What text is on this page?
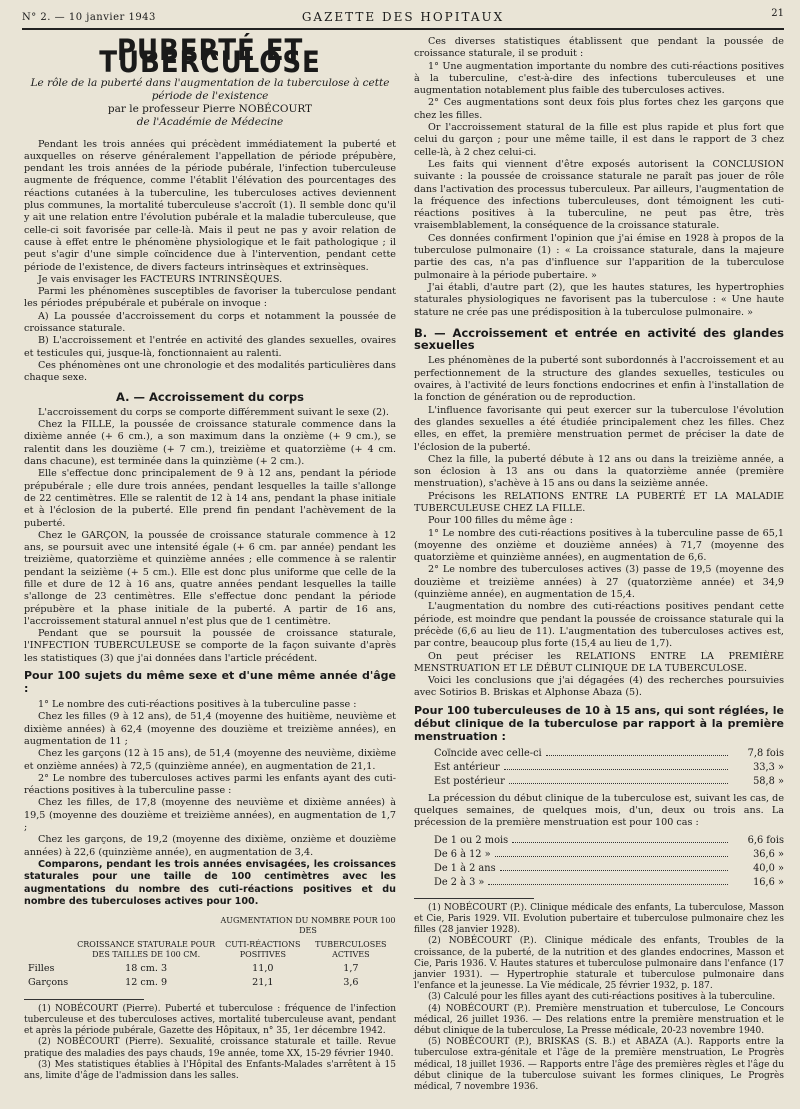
N° 2. — 10 janvier 1943	GAZETTE DES HOPITAUX	21
PUBERTÉ ET TUBERCULOSE

Le rôle de la puberté dans l'augmentation de la tuberculose à cette période de l'existence

par le professeur Pierre NOBÉCOURT

de l'Académie de Médecine

Pendant les trois années qui précèdent immédiatement la puberté et auxquelles on réserve généralement l'appellation de période prépubère, pendant les trois années de la période pubérale, l'infection tuberculeuse augmente de fréquence, comme l'établit l'élévation des pourcentages des réactions cutanées à la tuberculine, les tuberculoses actives deviennent plus communes, la mortalité tuberculeuse s'accroît (1). Il semble donc qu'il y ait une relation entre l'évolution pubérale et la maladie tuberculeuse, que celle-ci soit favorisée par celle-là. Mais il peut ne pas y avoir relation de cause à effet entre le phénomène physiologique et le fait pathologique ; il peut s'agir d'une simple coïncidence due à l'intervention, pendant cette période de l'existence, de divers facteurs intrinsèques et extrinsèques.

Je vais envisager les FACTEURS INTRINSÈQUES.

Parmi les phénomènes susceptibles de favoriser la tuberculose pendant les périodes prépubérale et pubérale on invoque :

A) La poussée d'accroissement du corps et notamment la poussée de croissance staturale.

B) L'accroissement et l'entrée en activité des glandes sexuelles, ovaires et testicules qui, jusque-là, fonctionnaient au ralenti.

Ces phénomènes ont une chronologie et des modalités particulières dans chaque sexe.

A. — Accroissement du corps

L'accroissement du corps se comporte différemment suivant le sexe (2).

Chez la FILLE, la poussée de croissance staturale commence dans la dixième année (+ 6 cm.), a son maximum dans la onzième (+ 9 cm.), se ralentit dans les douzième (+ 7 cm.), treizième et quatorzième (+ 4 cm. dans chacune), est terminée dans la quinzième (+ 2 cm.).

Elle s'effectue donc principalement de 9 à 12 ans, pendant la période prépubérale ; elle dure trois années, pendant lesquelles la taille s'allonge de 22 centimètres. Elle se ralentit de 12 à 14 ans, pendant la phase initiale et à l'éclosion de la puberté. Elle prend fin pendant l'achèvement de la puberté.

Chez le GARÇON, la poussée de croissance staturale commence à 12 ans, se poursuit avec une intensité égale (+ 6 cm. par année) pendant les treizième, quatorzième et quinzième années ; elle commence à se ralentir pendant la seizième (+ 5 cm.). Elle est donc plus uniforme que celle de la fille et dure de 12 à 16 ans, quatre années pendant lesquelles la taille s'allonge de 23 centimètres. Elle s'effectue donc pendant la période prépubère et la phase initiale de la puberté. A partir de 16 ans, l'accroissement statural annuel n'est plus que de 1 centimètre.

Pendant que se poursuit la poussée de croissance staturale, l'INFECTION TUBERCULEUSE se comporte de la façon suivante d'après les statistiques (3) que j'ai données dans l'article précédent.

Pour 100 sujets du même sexe et d'une même année d'âge :

1° Le nombre des cuti-réactions positives à la tuberculine passe :

Chez les filles (9 à 12 ans), de 51,4 (moyenne des huitième, neuvième et dixième années) à 62,4 (moyenne des douzième et treizième années), en augmentation de 11 ;

Chez les garçons (12 à 15 ans), de 51,4 (moyenne des neuvième, dixième et onzième années) à 72,5 (quinzième année), en augmentation de 21,1.

2° Le nombre des tuberculoses actives parmi les enfants ayant des cuti-réactions positives à la tuberculine passe :

Chez les filles, de 17,8 (moyenne des neuvième et dixième années) à 19,5 (moyenne des douzième et treizième années), en augmentation de 1,7 ;

Chez les garçons, de 19,2 (moyenne des dixième, onzième et douzième années) à 22,6 (quinzième année), en augmentation de 3,4.

Comparons, pendant les trois années envisagées, les croissances staturales pour une taille de 100 centimètres avec les augmentations du nombre des cuti-réactions positives et du nombre des tuberculoses actives pour 100.

		AUGMENTATION DU NOMBRE POUR 100 DES	
	CROISSANCE STATURALE POUR DES TAILLES DE 100 CM.	CUTI-RÉACTIONS POSITIVES	TUBERCULOSES ACTIVES
Filles	18 cm. 3	11,0	1,7
Garçons	12 cm. 9	21,1	3,6

(1) NOBÉCOURT (Pierre). Puberté et tuberculose : fréquence de l'infection tuberculeuse et des tuberculoses actives, mortalité tuberculeuse avant, pendant et après la période pubérale, Gazette des Hôpitaux, n° 35, 1er décembre 1942.

(2) NOBÉCOURT (Pierre). Sexualité, croissance staturale et taille. Revue pratique des maladies des pays chauds, 19e année, tome XX, 15-29 février 1940.

(3) Mes statistiques établies à l'Hôpital des Enfants-Malades s'arrêtent à 15 ans, limite d'âge de l'admission dans les salles.

Ces diverses statistiques établissent que pendant la poussée de croissance staturale, il se produit :

1° Une augmentation importante du nombre des cuti-réactions positives à la tuberculine, c'est-à-dire des infections tuberculeuses et une augmentation notablement plus faible des tuberculoses actives.

2° Ces augmentations sont deux fois plus fortes chez les garçons que chez les filles.

Or l'accroissement statural de la fille est plus rapide et plus fort que celui du garçon ; pour une même taille, il est dans le rapport de 3 chez celle-là, à 2 chez celui-ci.

Les faits qui viennent d'être exposés autorisent la CONCLUSION suivante : la poussée de croissance staturale ne paraît pas jouer de rôle dans l'activation des processus tuberculeux. Par ailleurs, l'augmentation de la fréquence des infections tuberculeuses, dont témoignent les cuti-réactions positives à la tuberculine, ne peut pas être, très vraisemblablement, la conséquence de la croissance staturale.

Ces données confirment l'opinion que j'ai émise en 1928 à propos de la tuberculose pulmonaire (1) : « La croissance staturale, dans la majeure partie des cas, n'a pas d'influence sur l'apparition de la tuberculose pulmonaire à la période pubertaire. »

J'ai établi, d'autre part (2), que les hautes statures, les hypertrophies staturales physiologiques ne favorisent pas la tuberculose : « Une haute stature ne crée pas une prédisposition à la tuberculose pulmonaire. »

B. — Accroissement et entrée en activité des glandes sexuelles

Les phénomènes de la puberté sont subordonnés à l'accroissement et au perfectionnement de la structure des glandes sexuelles, testicules ou ovaires, à l'activité de leurs fonctions endocrines et enfin à l'installation de la fonction de génération ou de reproduction.

L'influence favorisante qui peut exercer sur la tuberculose l'évolution des glandes sexuelles a été étudiée principalement chez les filles. Chez elles, en effet, la première menstruation permet de préciser la date de l'éclosion de la puberté.

Chez la fille, la puberté débute à 12 ans ou dans la treizième année, a son éclosion à 13 ans ou dans la quatorzième année (première menstruation), s'achève à 15 ans ou dans la seizième année.

Précisons les RELATIONS ENTRE LA PUBERTÉ ET LA MALADIE TUBERCULEUSE CHEZ LA FILLE.

Pour 100 filles du même âge :

1° Le nombre des cuti-réactions positives à la tuberculine passe de 65,1 (moyenne des onzième et douzième années) à 71,7 (moyenne des quatorzième et quinzième années), en augmentation de 6,6.

2° Le nombre des tuberculoses actives (3) passe de 19,5 (moyenne des douzième et treizième années) à 27 (quatorzième année) et 34,9 (quinzième année), en augmentation de 15,4.

L'augmentation du nombre des cuti-réactions positives pendant cette période, est moindre que pendant la poussée de croissance staturale qui la précède (6,6 au lieu de 11). L'augmentation des tuberculoses actives est, par contre, beaucoup plus forte (15,4 au lieu de 1,7).

On peut préciser les RELATIONS ENTRE LA PREMIÈRE MENSTRUATION ET LE DÉBUT CLINIQUE DE LA TUBERCULOSE.

Voici les conclusions que j'ai dégagées (4) des recherches poursuivies avec Sotirios B. Briskas et Alphonse Abaza (5).

Pour 100 tuberculeuses de 10 à 15 ans, qui sont réglées, le début clinique de la tuberculose par rapport à la première menstruation :
Coïncide avec celle-ci	7,8 fois
Est antérieur	33,3 »
Est postérieur	58,8 »

La précession du début clinique de la tuberculose est, suivant les cas, de quelques semaines, de quelques mois, d'un, deux ou trois ans. La précession de la première menstruation est pour 100 cas :

De 1 ou 2 mois	6,6 fois
De 6 à 12 »	36,6 »
De 1 à 2 ans	40,0 »
De 2 à 3 »	16,6 »

(1) NOBÉCOURT (P.). Clinique médicale des enfants, La tuberculose, Masson et Cie, Paris 1929. VII. Evolution pubertaire et tuberculose pulmonaire chez les filles (28 janvier 1928).

(2) NOBÉCOURT (P.). Clinique médicale des enfants, Troubles de la croissance, de la puberté, de la nutrition et des glandes endocrines, Masson et Cie, Paris 1936. V. Hautes statures et tuberculose pulmonaire dans l'enfance (17 janvier 1931). — Hypertrophie staturale et tuberculose pulmonaire dans l'enfance et la jeunesse. La Vie médicale, 25 février 1932, p. 187.

(3) Calculé pour les filles ayant des cuti-réactions positives à la tuberculine.

(4) NOBÉCOURT (P.). Première menstruation et tuberculose, Le Concours médical, 26 juillet 1936. — Des relations entre la première menstruation et le début clinique de la tuberculose, La Presse médicale, 20-23 novembre 1940.

(5) NOBÉCOURT (P.), BRISKAS (S. B.) et ABAZA (A.). Rapports entre la tuberculose extra-génitale et l'âge de la première menstruation, Le Progrès médical, 18 juillet 1936. — Rapports entre l'âge des premières règles et l'âge du début clinique de la tuberculose suivant les formes cliniques, Le Progrès médical, 7 novembre 1936.
